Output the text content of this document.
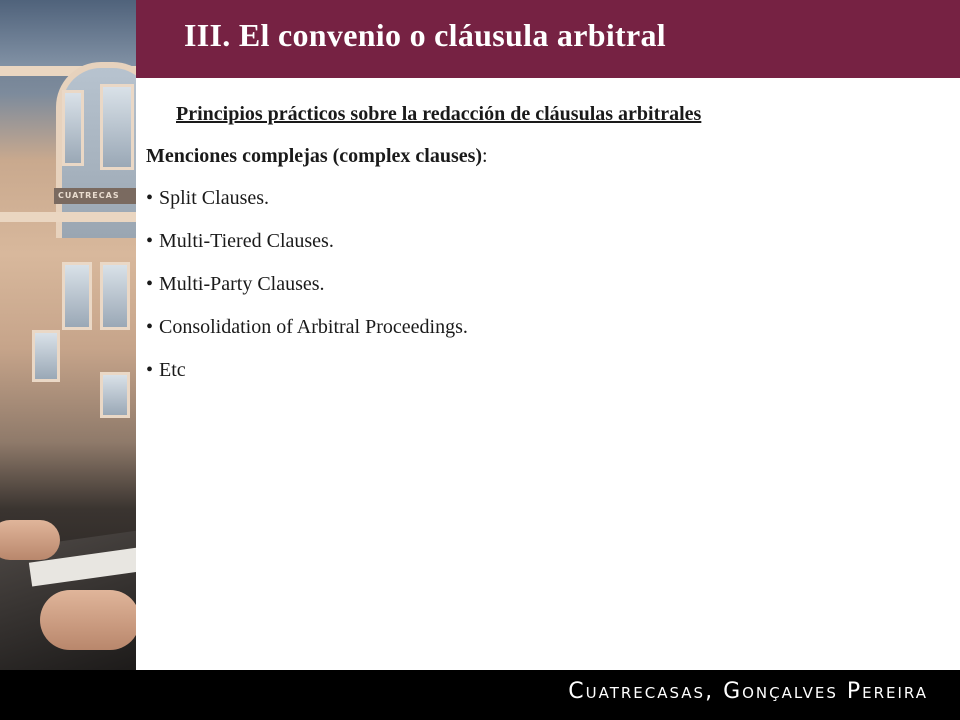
CUATRECAS
III. El convenio o cláusula arbitral

Principios prácticos sobre la redacción de cláusulas arbitrales

Menciones complejas (complex clauses):

• Split Clauses.
• Multi-Tiered Clauses.
• Multi-Party Clauses.
• Consolidation of Arbitral Proceedings.
• Etc

Cuatrecasas, Gonçalves Pereira
